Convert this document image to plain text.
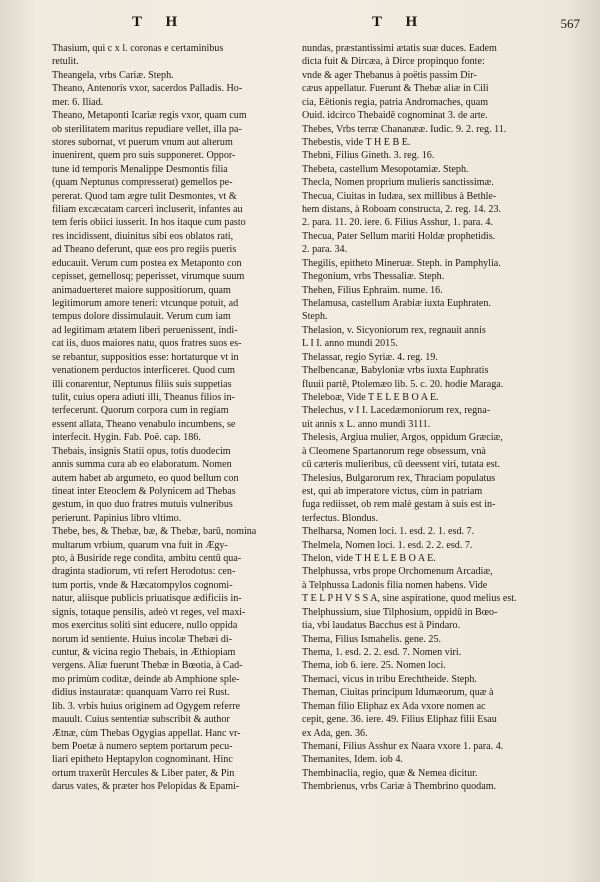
T H	T H	567
Thasium, qui c x l. coronas e certaminibus
retulit.
Theangela, vrbs Cariæ. Steph.
Theano, Antenoris vxor, sacerdos Palladis. Ho-
mer. 6. Iliad.
Theano, Metaponti Icariæ regis vxor, quam cum
ob sterilitatem maritus repudiare vellet, illa pa-
stores subornat, vt puerum vnum aut alterum
inuenirent, quem pro suis supponeret. Oppor-
tune id temporis Menalippe Desmontis filia
(quam Neptunus compresserat) gemellos pe-
pererat. Quod tam ægre tulit Desmontes, vt &
filiam excæcatam carceri incluserit, infantes au
tem feris obiici iusserit. In hos itaque cum pasto
res incidissent, diuinitus sibi eos oblatos rati,
ad Theano deferunt, quæ eos pro regiis pueris
educauit. Verum cum postea ex Metaponto con
cepisset, gemellosq; peperisset, virumque suum
animaduerteret maiore suppositiorum, quam
legitimorum amore teneri: vtcunque potuit, ad
tempus dolore dissimulauit. Verum cum iam
ad legitimam ætatem liberi peruenissent, indi-
cat iis, duos maiores natu, quos fratres suos es-
se rebantur, suppositios esse: hortaturque vt in
venationem perductos interficeret. Quod cum
illi conarentur, Neptunus filiis suis suppetias
tulit, cuius opera adiuti illi, Theanus filios in-
terfecerunt. Quorum corpora cum in regiam
essent allata, Theano venabulo incumbens, se
interfecit. Hygin. Fab. Poë. cap. 186.
Thebais, insignis Statii opus, totis duodecim
annis summa cura ab eo elaboratum. Nomen
autem habet ab argumeto, eo quod bellum con
tineat inter Eteoclem & Polynicem ad Thebas
gestum, in quo duo fratres mutuis vulneribus
perierunt. Papinius libro vltimo.
Thebe, bes, & Thebæ, bæ, & Thebæ, barū, nomina
multarum vrbium, quarum vna fuit in Ægy-
pto, à Busiride rege condita, ambitu centū qua-
draginta stadiorum, vti refert Herodotus: cen-
tum portis, vnde & Hæcatompylos cognomi-
natur, aliisque publicis priuatisque ædificiis in-
signis, totaque pensilis, adeò vt reges, vel maxi-
mos exercitus solitì sint educere, nullo oppida
norum id sentiente. Huius incolæ Thebæi di-
cuntur, & vicina regio Thebais, in Æthiopiam
vergens. Aliæ fuerunt Thebæ in Bœotia, à Cad-
mo primùm coditæ, deinde ab Amphione sple-
didius instauratæ: quanquam Varro rei Rust.
lib. 3. vrbis huius originem ad Ogygem referre
mauult. Cuius sententiæ subscribit & author
Ætnæ, cùm Thebas Ogygias appellat. Hanc vr-
bem Poetæ à numero septem portarum pecu-
liari epitheto Heptapylon cognominant. Hinc
ortum traxerūt Hercules & Liber pater, & Pin
darus vates, & præter hos Pelopidas & Epami-
nundas, præstantissimi ætatis suæ duces. Eadem
dicta fuit & Dircæa, à Dirce propinquo fonte:
vnde & ager Thebanus à poëtis passim Dir-
cæus appellatur. Fuerunt & Thebæ aliæ in Cili
cia, Eëtionis regia, patria Andromaches, quam
Ouid. idcirco Thebaidē cognominat 3. de arte.
Thebes, Vrbs terræ Chananææ. Iudic. 9. 2. reg. 11.
Thebestis, vide T H E B E.
Thebni, Filius Gineth. 3. reg. 16.
Thebeta, castellum Mesopotamiæ. Steph.
Thecla, Nomen proprium mulieris sanctissimæ.
Thecua, Ciuitas in Iudæa, sex millibus à Bethle-
hem distans, à Roboam constructa, 2. reg. 14. 23.
2. para. 11. 20. iere. 6. Filius Asshur, 1. para. 4.
Thecua, Pater Sellum mariti Holdæ prophetidis.
2. para. 34.
Thegilis, epitheto Mineruæ. Steph. in Pamphylia.
Thegonium, vrbs Thessaliæ. Steph.
Thehen, Filius Ephraim. nume. 16.
Thelamusa, castellum Arabiæ iuxta Euphraten.
Steph.
Thelasion, v. Sicyoniorum rex, regnauit annis
L I I. anno mundi 2015.
Thelassar, regio Syriæ. 4. reg. 19.
Thelbencanæ, Babyloniæ vrbs iuxta Euphratis
fluuii partē, Ptolemæo lib. 5. c. 20. hodie Maraga.
Theleboæ, Vide T E L E B O A E.
Thelechus, v I I. Lacedæmoniorum rex, regna-
uit annis x L. anno mundi 3111.
Thelesis, Argiua mulier, Argos, oppidum Græciæ,
à Cleomene Spartanorum rege obsessum, vnà
cū cæteris mulieribus, cū deessent viri, tutata est.
Thelesius, Bulgarorum rex, Thraciam populatus
est, qui ab imperatore victus, cùm in patriam
fuga rediisset, ob rem malè gestam à suis est in-
terfectus. Blondus.
Thelharsa, Nomen loci. 1. esd. 2. 1. esd. 7.
Thelmela, Nomen loci. 1. esd. 2. 2. esd. 7.
Thelon, vide T H E L E B O A E.
Thelphussa, vrbs prope Orchomenum Arcadiæ,
à Telphussa Ladonis filia nomen habens. Vide
T E L P H V S S A, sine aspiratione, quod melius est.
Thelphussium, siue Tilphosium, oppidū in Bœo-
tia, vbi laudatus Bacchus est à Pindaro.
Thema, Filius Ismahelis. gene. 25.
Thema, 1. esd. 2. 2. esd. 7. Nomen viri.
Thema, iob 6. iere. 25. Nomen loci.
Themaci, vicus in tribu Erechtheide. Steph.
Theman, Ciuitas principum Idumæorum, quæ à
Theman filio Eliphaz ex Ada vxore nomen ac
cepit, gene. 36. iere. 49. Filius Eliphaz filii Esau
ex Ada, gen. 36.
Themani, Filius Asshur ex Naara vxore 1. para. 4.
Themanites, Idem. iob 4.
Thembinaclia, regio, quæ & Nemea dicitur.
Thembrienus, vrbs Cariæ à Thembrino quodam.
